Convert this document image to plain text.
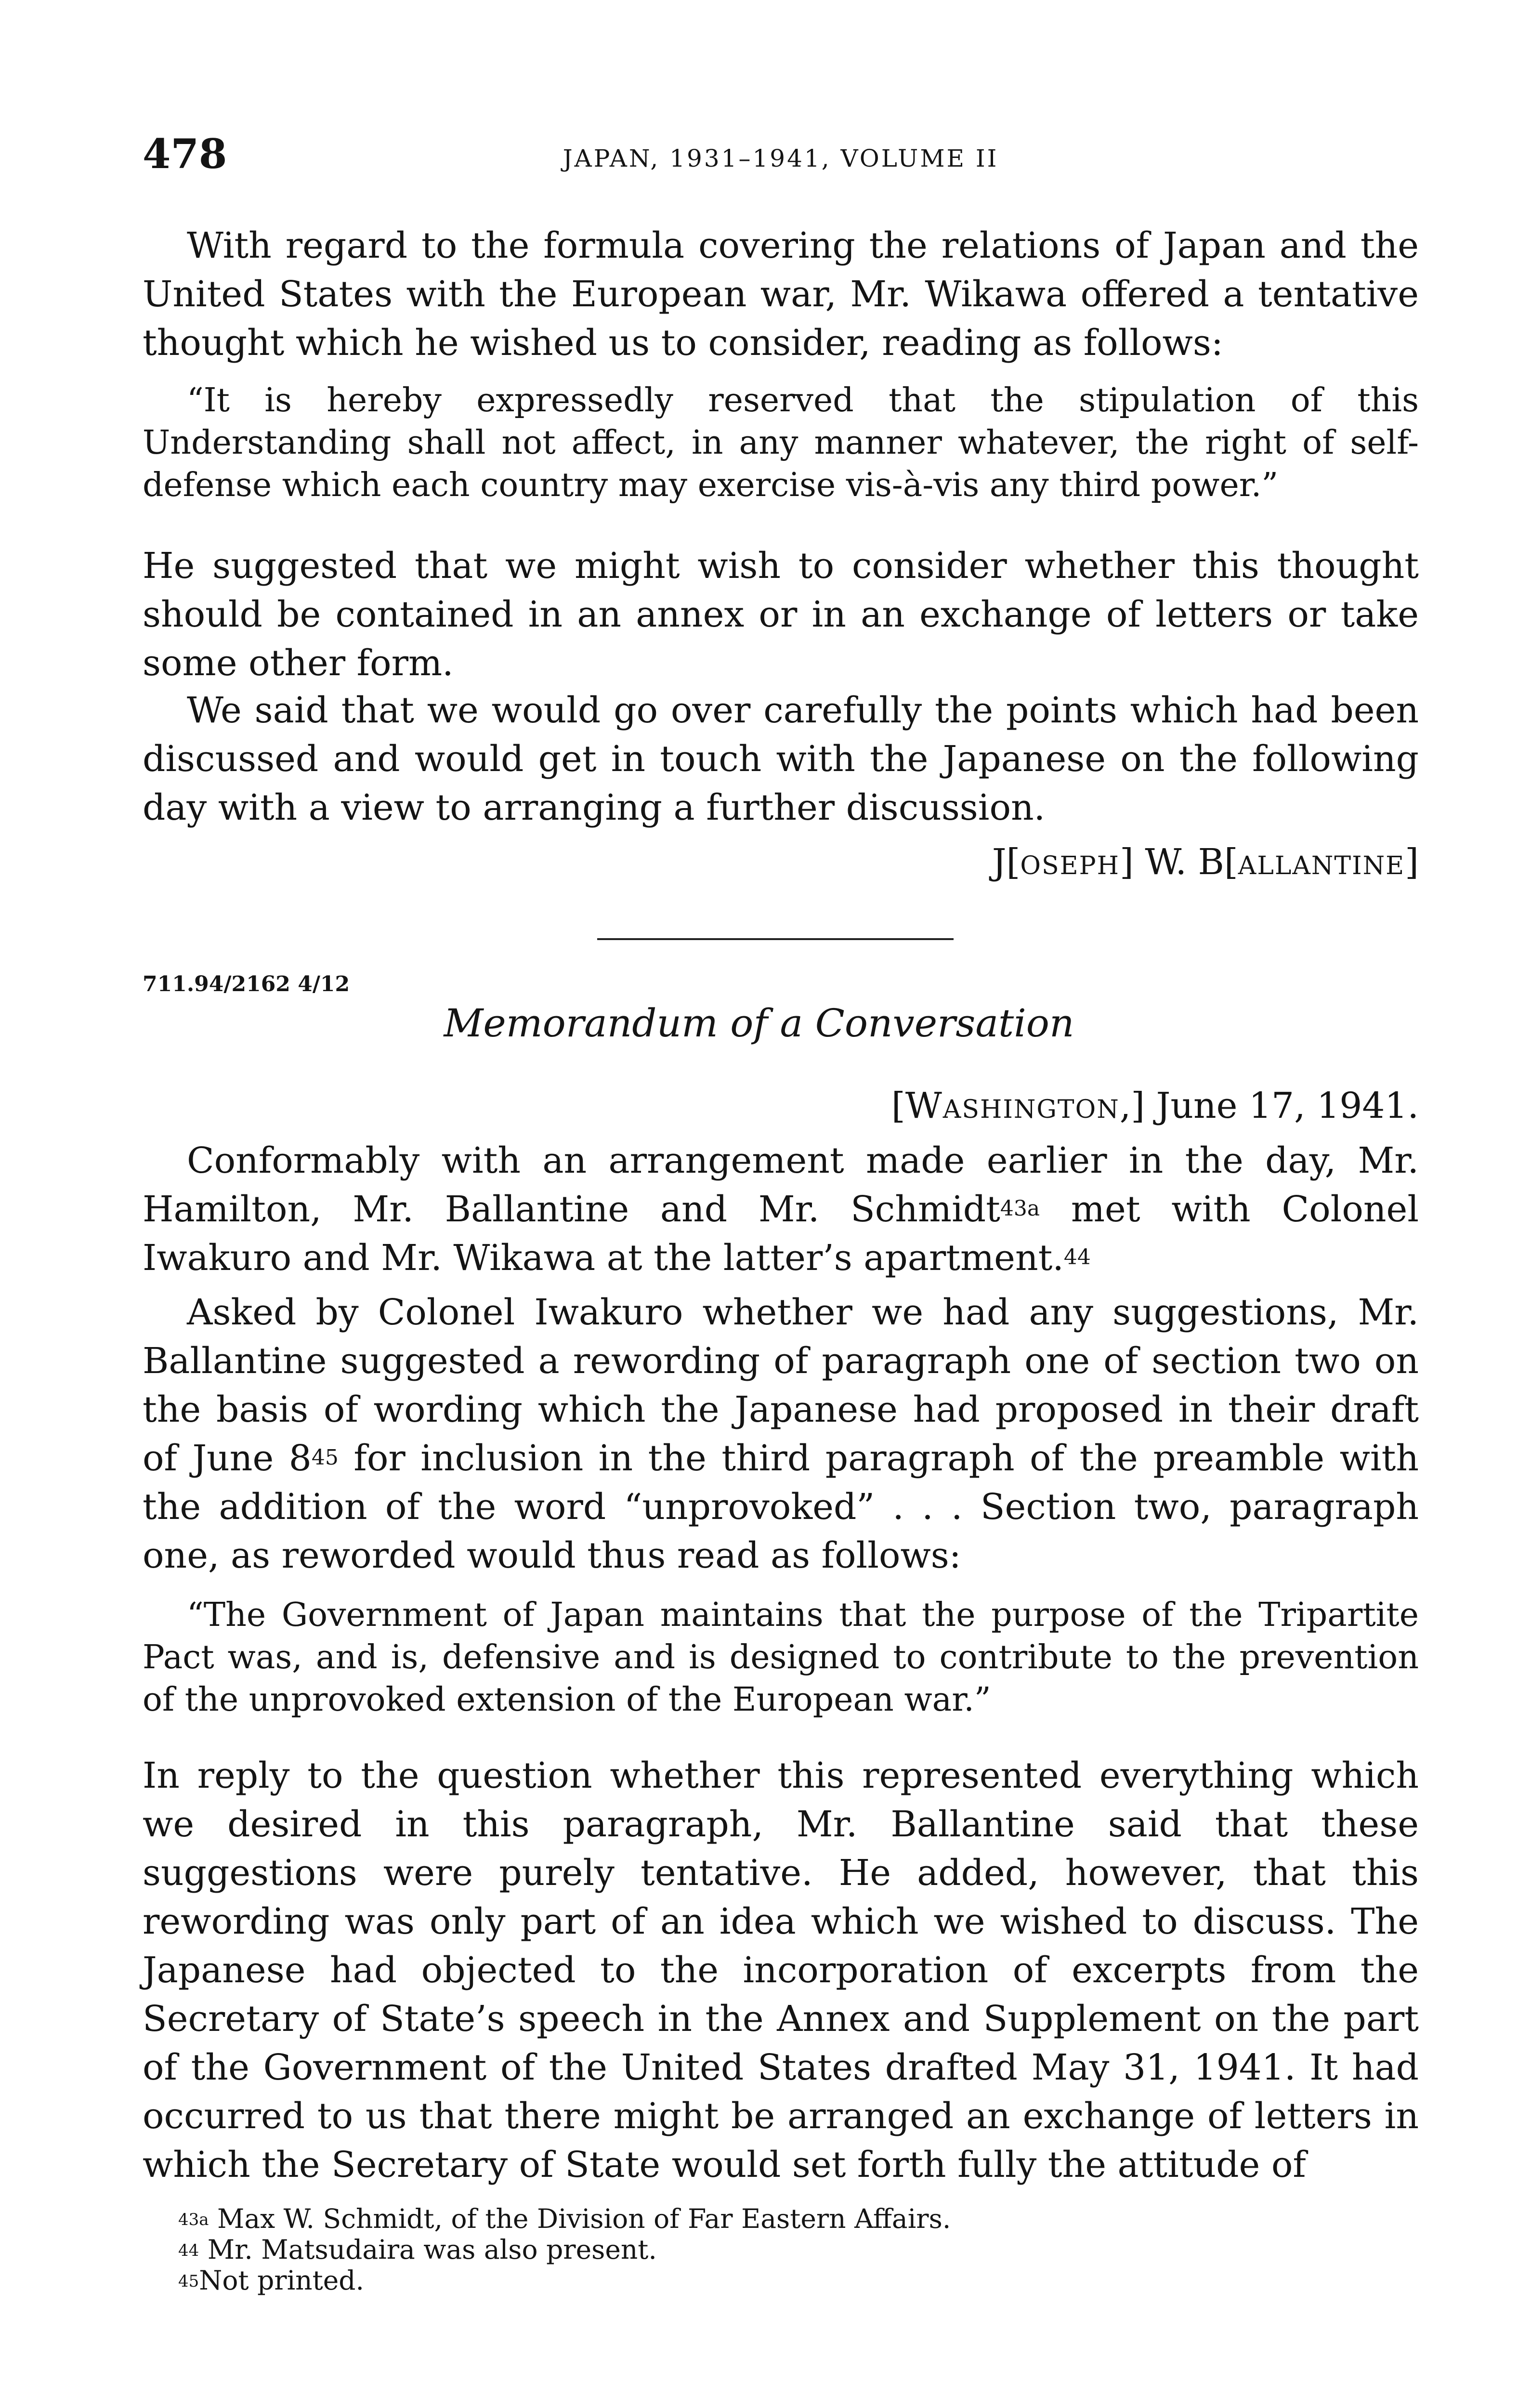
478	JAPAN, 1931–1941, VOLUME II

With regard to the formula covering the relations of Japan and the United States with the European war, Mr. Wikawa offered a tentative thought which he wished us to consider, reading as follows:

“It is hereby expressedly reserved that the stipulation of this Understanding shall not affect, in any manner whatever, the right of self-defense which each country may exercise vis-à-vis any third power.”

He suggested that we might wish to consider whether this thought should be contained in an annex or in an exchange of letters or take some other form.

We said that we would go over carefully the points which had been discussed and would get in touch with the Japanese on the following day with a view to arranging a further discussion.

J[oseph] W. B[allantine]
711.94/2162 4/12
Memorandum of a Conversation
[Washington,] June 17, 1941.

Conformably with an arrangement made earlier in the day, Mr. Hamilton, Mr. Ballantine and Mr. Schmidt$^{43a}$ met with Colonel Iwakuro and Mr. Wikawa at the latter’s apartment.$^{44}$

Asked by Colonel Iwakuro whether we had any suggestions, Mr. Ballantine suggested a rewording of paragraph one of section two on the basis of wording which the Japanese had proposed in their draft of June 8$^{45}$ for inclusion in the third paragraph of the preamble with the addition of the word “unprovoked” . . . Section two, paragraph one, as reworded would thus read as follows:

“The Government of Japan maintains that the purpose of the Tripartite Pact was, and is, defensive and is designed to contribute to the prevention of the unprovoked extension of the European war.”

In reply to the question whether this represented everything which we desired in this paragraph, Mr. Ballantine said that these suggestions were purely tentative. He added, however, that this rewording was only part of an idea which we wished to discuss. The Japanese had objected to the incorporation of excerpts from the Secretary of State’s speech in the Annex and Supplement on the part of the Government of the United States drafted May 31, 1941. It had occurred to us that there might be arranged an exchange of letters in which the Secretary of State would set forth fully the attitude of

$^{43a}$ Max W. Schmidt, of the Division of Far Eastern Affairs.

$^{44}$ Mr. Matsudaira was also present.

$^{45}$Not printed.
